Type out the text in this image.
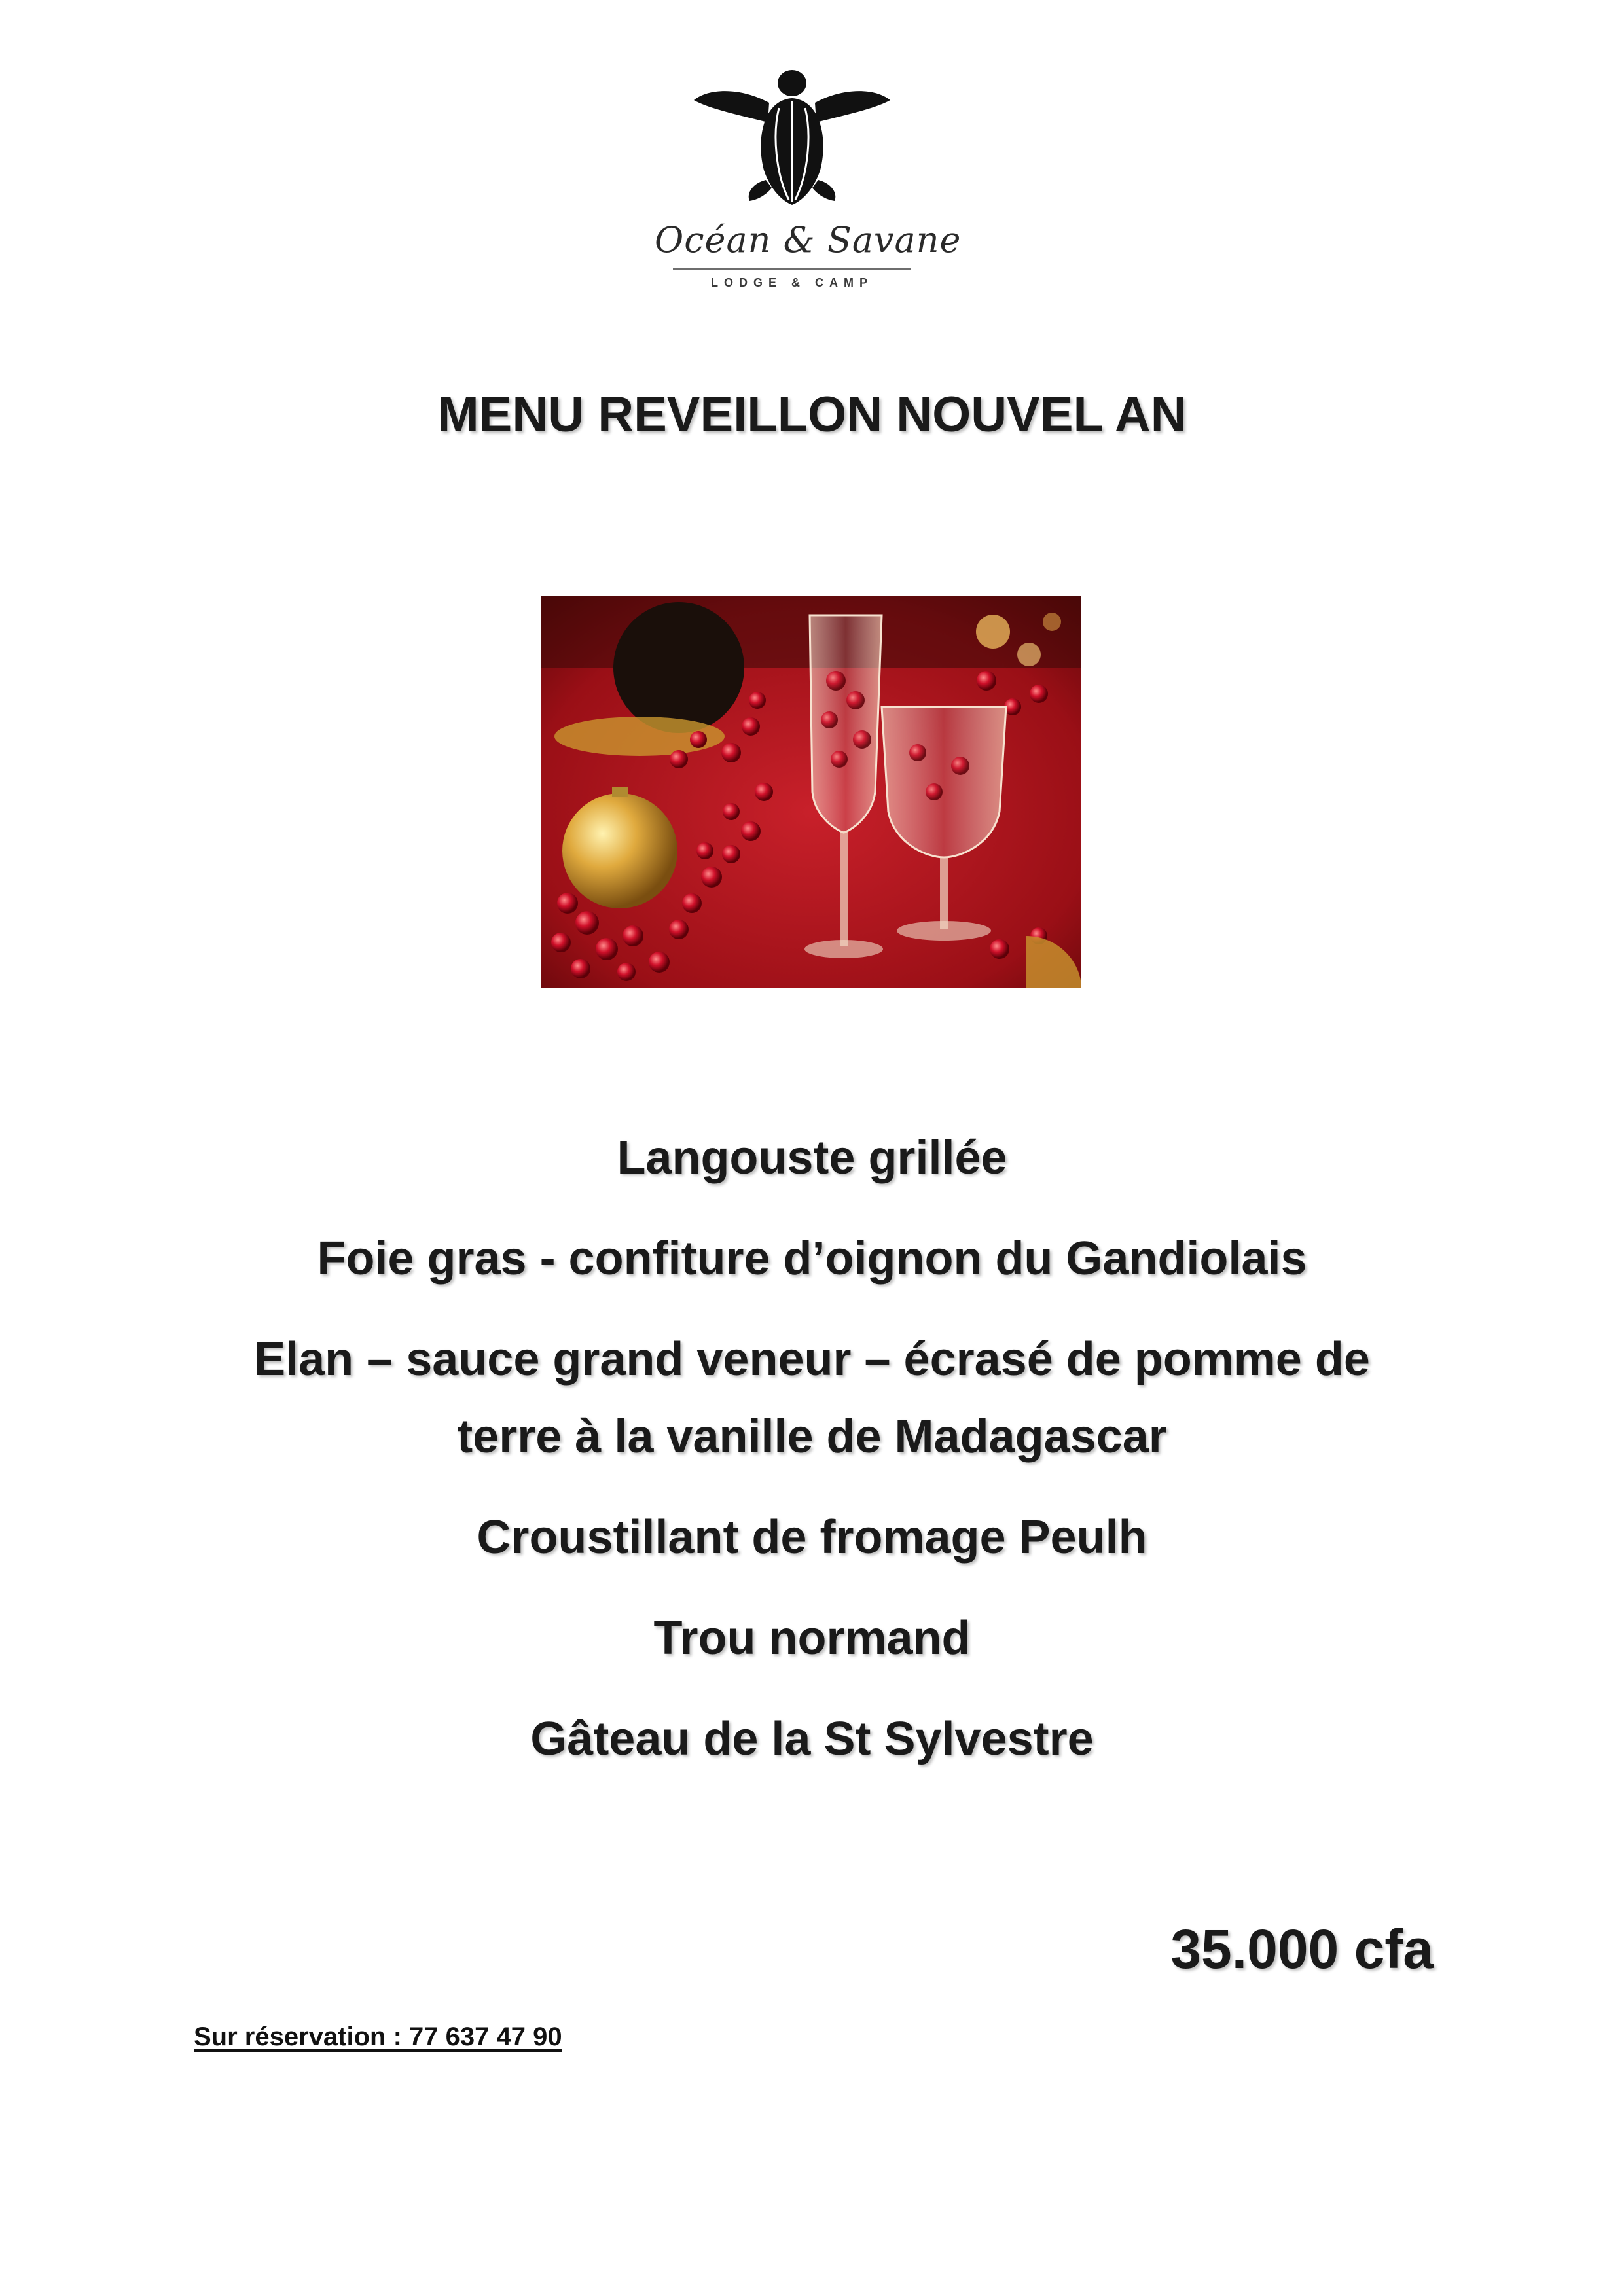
Océan & Savane
LODGE & CAMP
MENU REVEILLON NOUVEL AN
Langouste grillée
Foie gras - confiture d’oignon du Gandiolais
Elan – sauce grand veneur – écrasé de pomme de terre à la vanille de Madagascar
Croustillant de fromage Peulh
Trou normand
Gâteau de la St Sylvestre
35.000 cfa
Sur réservation : 77 637 47 90
